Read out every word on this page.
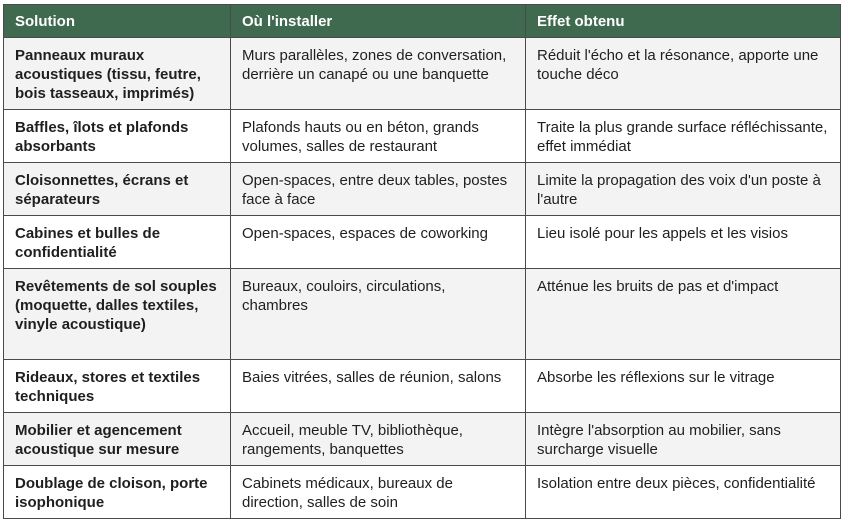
Solution	Où l'installer	Effet obtenu
Panneaux muraux acoustiques (tissu, feutre, bois tasseaux, imprimés)	Murs parallèles, zones de conversation, derrière un canapé ou une banquette	Réduit l'écho et la résonance, apporte une touche déco
Baffles, îlots et plafonds absorbants	Plafonds hauts ou en béton, grands volumes, salles de restaurant	Traite la plus grande surface réfléchissante, effet immédiat
Cloisonnettes, écrans et séparateurs	Open-spaces, entre deux tables, postes face à face	Limite la propagation des voix d'un poste à l'autre
Cabines et bulles de confidentialité	Open-spaces, espaces de coworking	Lieu isolé pour les appels et les visios
Revêtements de sol souples (moquette, dalles textiles, vinyle acoustique)	Bureaux, couloirs, circulations, chambres	Atténue les bruits de pas et d'impact
Rideaux, stores et textiles techniques	Baies vitrées, salles de réunion, salons	Absorbe les réflexions sur le vitrage
Mobilier et agencement acoustique sur mesure	Accueil, meuble TV, bibliothèque, rangements, banquettes	Intègre l'absorption au mobilier, sans surcharge visuelle
Doublage de cloison, porte isophonique	Cabinets médicaux, bureaux de direction, salles de soin	Isolation entre deux pièces, confidentialité
